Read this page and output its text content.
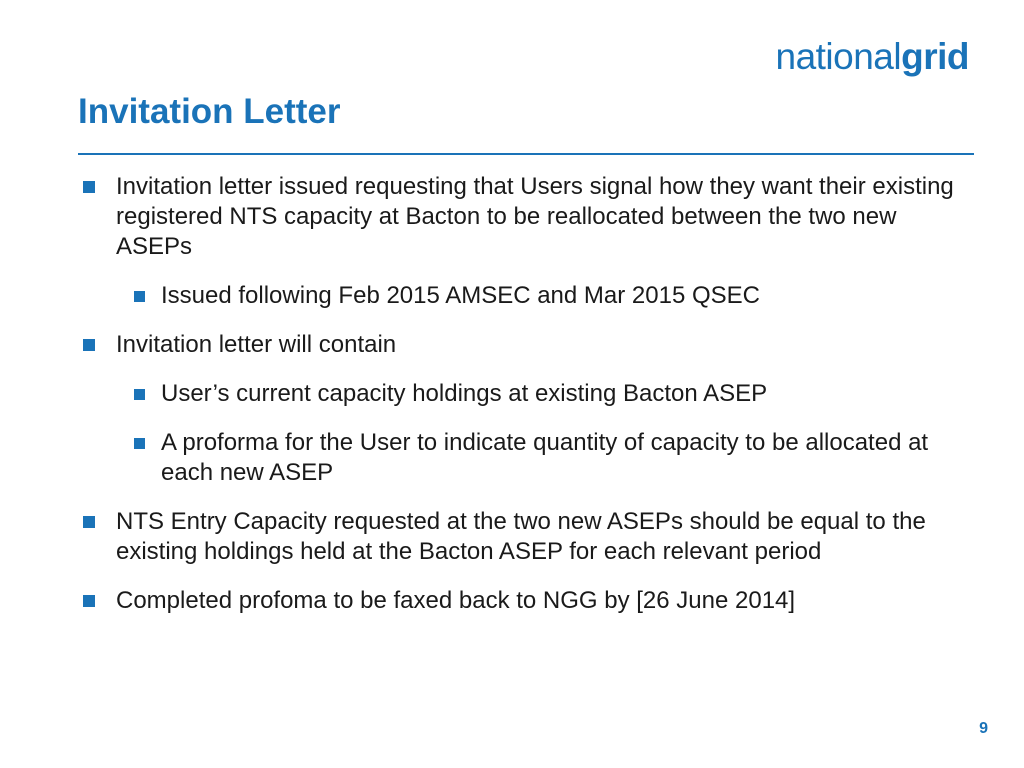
nationalgrid
Invitation Letter
Invitation letter issued requesting that Users signal how they want their existing registered NTS capacity at Bacton to be reallocated between the two new ASEPs
Issued following Feb 2015 AMSEC and Mar 2015 QSEC
Invitation letter will contain
User’s current capacity holdings at existing Bacton ASEP
A proforma for the User to indicate quantity of capacity to be allocated at each new ASEP
NTS Entry Capacity requested at the two new ASEPs should be equal to the existing holdings held at the Bacton ASEP for each relevant period
Completed profoma to be faxed back to NGG by [26 June 2014]
9
